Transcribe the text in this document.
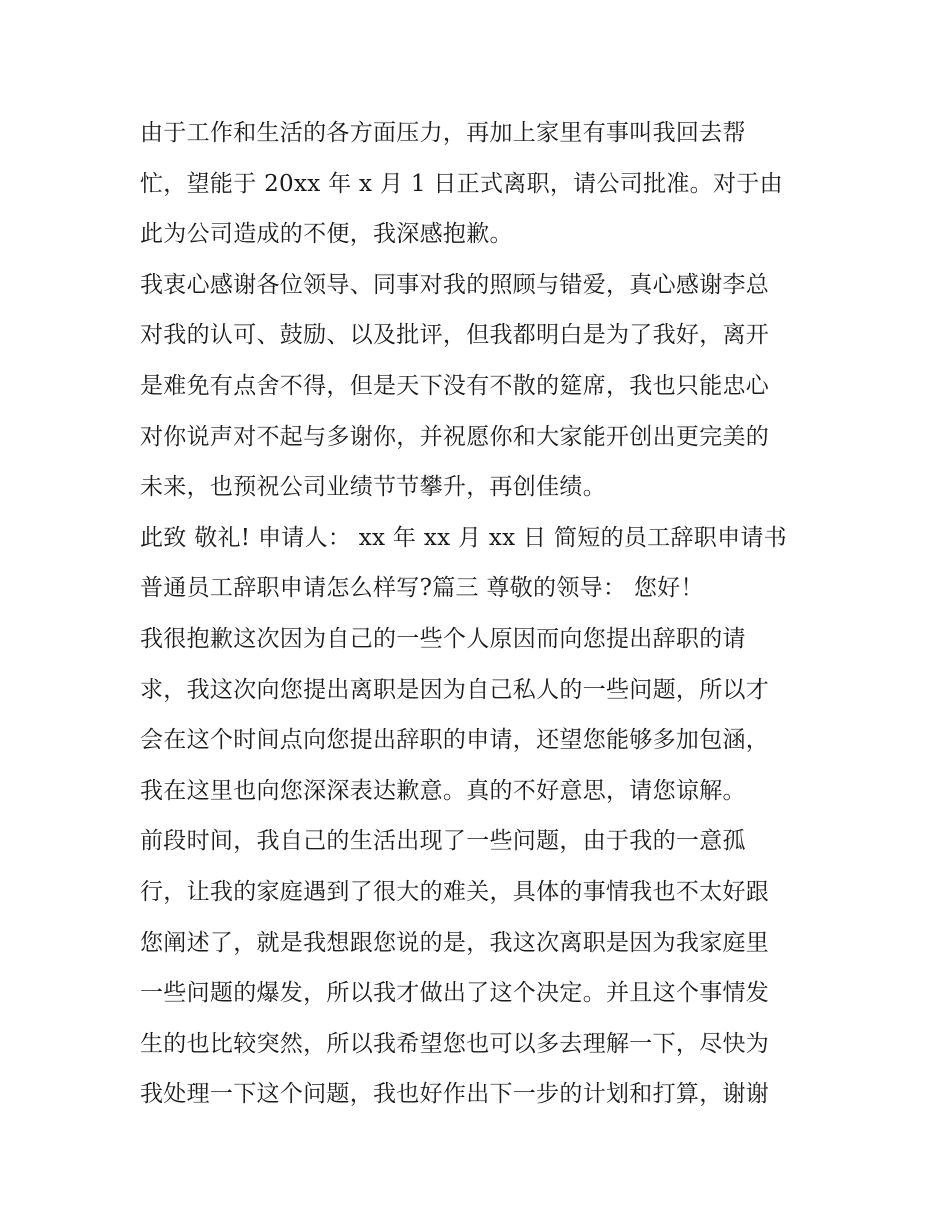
由于工作和生活的各方面压力，再加上家里有事叫我回去帮
忙，望能于 20xx 年 x 月 1 日正式离职，请公司批准。对于由
此为公司造成的不便，我深感抱歉。
我衷心感谢各位领导、同事对我的照顾与错爱，真心感谢李总
对我的认可、鼓励、以及批评，但我都明白是为了我好，离开
是难免有点舍不得，但是天下没有不散的筵席，我也只能忠心
对你说声对不起与多谢你，并祝愿你和大家能开创出更完美的
未来，也预祝公司业绩节节攀升，再创佳绩。
此致 敬礼! 申请人： xx 年 xx 月 xx 日 简短的员工辞职申请书
普通员工辞职申请怎么样写?篇三 尊敬的领导： 您好！
我很抱歉这次因为自己的一些个人原因而向您提出辞职的请
求，我这次向您提出离职是因为自己私人的一些问题，所以才
会在这个时间点向您提出辞职的申请，还望您能够多加包涵，
我在这里也向您深深表达歉意。真的不好意思，请您谅解。
前段时间，我自己的生活出现了一些问题，由于我的一意孤
行，让我的家庭遇到了很大的难关，具体的事情我也不太好跟
您阐述了，就是我想跟您说的是，我这次离职是因为我家庭里
一些问题的爆发，所以我才做出了这个决定。并且这个事情发
生的也比较突然，所以我希望您也可以多去理解一下，尽快为
我处理一下这个问题，我也好作出下一步的计划和打算，谢谢
